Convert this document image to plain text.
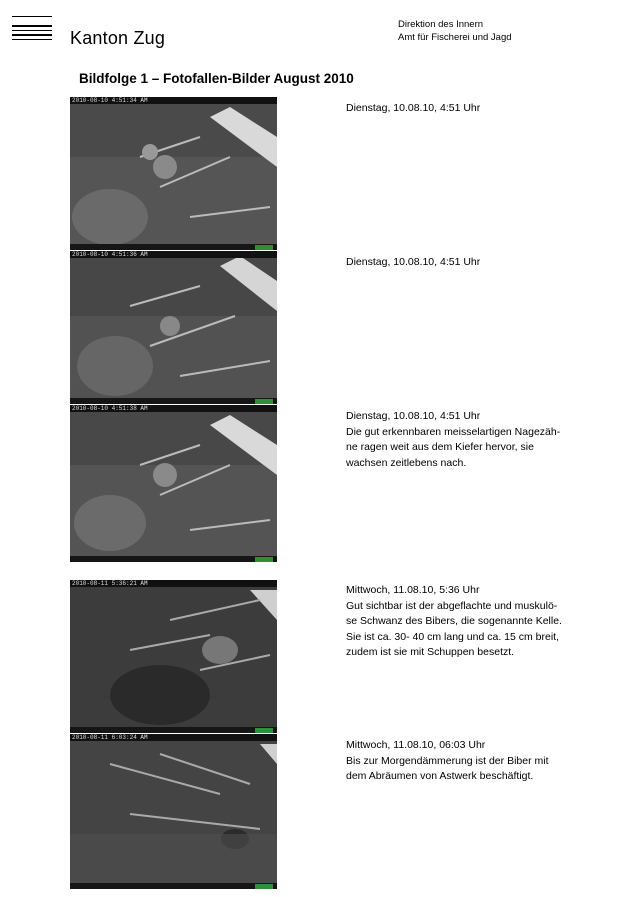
Kanton Zug
Direktion des Innern
Amt für Fischerei und Jagd
Bildfolge 1 – Fotofallen-Bilder August 2010
2010-08-10 4:51:34 AM
2010-08-10 4:51:36 AM
2010-08-10 4:51:38 AM
2010-08-11 5:36:21 AM
2010-08-11 6:03:24 AM
Dienstag, 10.08.10, 4:51 Uhr
Dienstag, 10.08.10, 4:51 Uhr
Dienstag, 10.08.10, 4:51 Uhr
Die gut erkennbaren meisselartigen Nagezäh-
ne ragen weit aus dem Kiefer hervor, sie
wachsen zeitlebens nach.
Mittwoch, 11.08.10, 5:36 Uhr
Gut sichtbar ist der abgeflachte und muskulö-
se Schwanz des Bibers, die sogenannte Kelle.
Sie ist ca. 30- 40 cm lang und ca. 15 cm breit,
zudem ist sie mit Schuppen besetzt.
Mittwoch, 11.08.10, 06:03 Uhr
Bis zur Morgendämmerung ist der Biber mit
dem Abräumen von Astwerk beschäftigt.
